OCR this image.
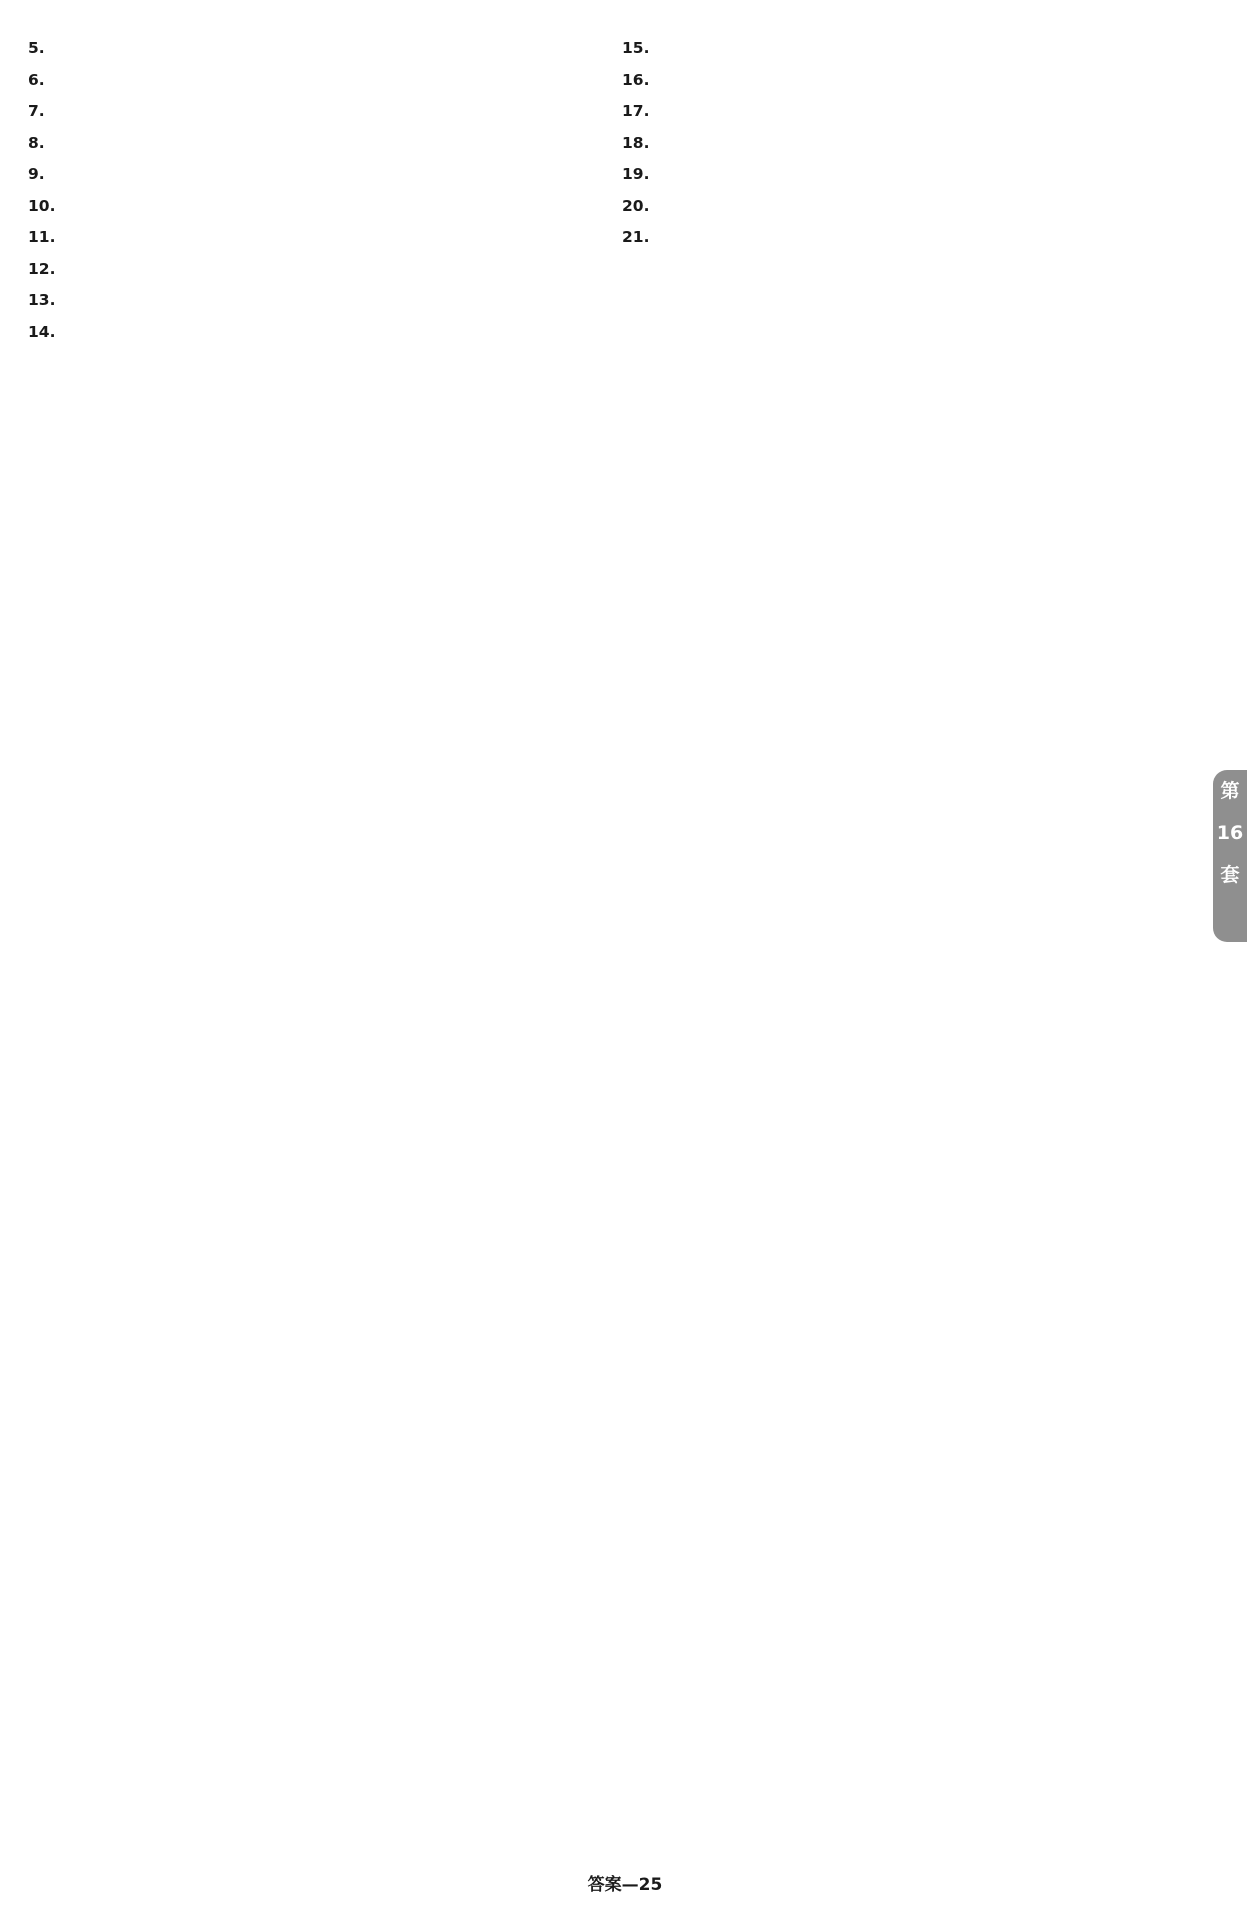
5.

6.

7.

8.

9.

10.

11.

12.

13.

14.

15.

16.

17.

18.

19.

20.

21.

第
16
套
答案—25
